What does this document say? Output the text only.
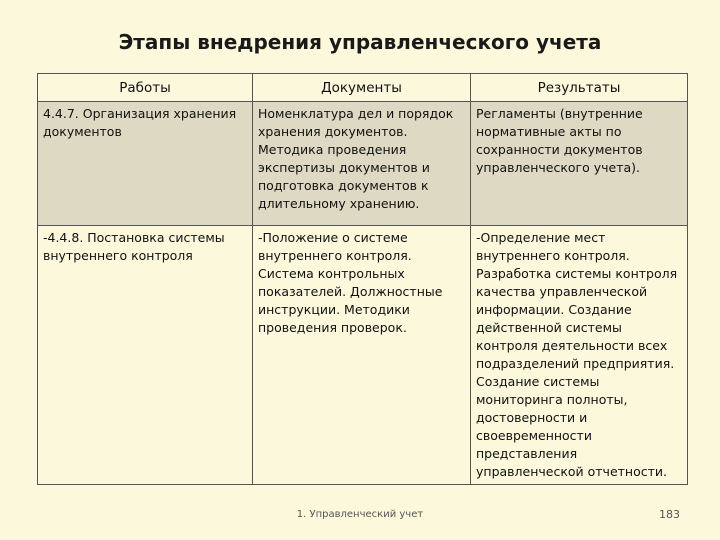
Этапы внедрения управленческого учета
Работы	Документы	Результаты
4.4.7. Организация хранения документов	Номенклатура дел и порядок хранения документов. Методика проведения экспертизы документов и подготовка документов к длительному хранению.	Регламенты (внутренние нормативные акты по сохранности документов управленческого учета).
-4.4.8. Постановка системы внутреннего контроля	-Положение о системе внутреннего контроля. Система контрольных показателей. Должностные инструкции. Методики проведения проверок.	-Определение мест внутреннего контроля. Разработка системы контроля качества управленческой информации. Создание действенной системы контроля деятельности всех подразделений предприятия. Создание системы мониторинга полноты, достоверности и своевременности представления управленческой отчетности.
1. Управленческий учет	183
